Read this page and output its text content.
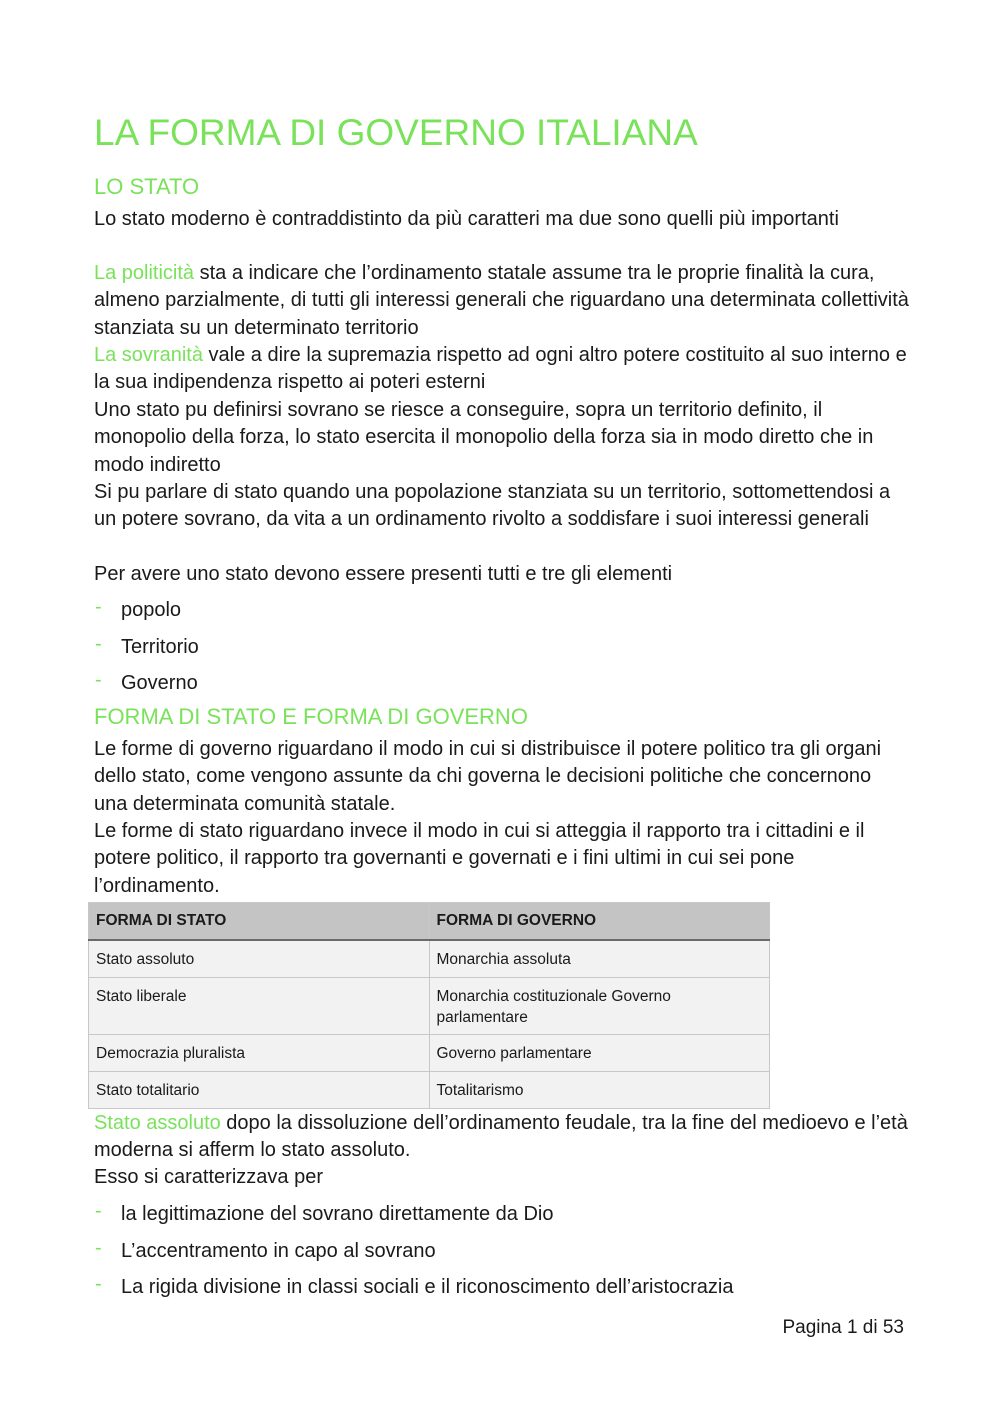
LA FORMA DI GOVERNO ITALIANA
LO STATO

Lo stato moderno è contraddistinto da più caratteri ma due sono quelli più importanti

La politicità sta a indicare che l’ordinamento statale assume tra le proprie finalità la cura, almeno parzialmente, di tutti gli interessi generali che riguardano una determinata collettività stanziata su un determinato territorio

La sovranità vale a dire la supremazia rispetto ad ogni altro potere costituito al suo interno e la sua indipendenza rispetto ai poteri esterni

Uno stato pu definirsi sovrano se riesce a conseguire, sopra un territorio definito, il monopolio della forza, lo stato esercita il monopolio della forza sia in modo diretto che in modo indiretto

Si pu parlare di stato quando una popolazione stanziata su un territorio, sottomettendosi a un potere sovrano, da vita a un ordinamento rivolto a soddisfare i suoi interessi generali

Per avere uno stato devono essere presenti tutti e tre gli elementi

- popolo
- Territorio
- Governo
FORMA DI STATO E FORMA DI GOVERNO

Le forme di governo riguardano il modo in cui si distribuisce il potere politico tra gli organi dello stato, come vengono assunte da chi governa le decisioni politiche che concernono una determinata comunità statale.

Le forme di stato riguardano invece il modo in cui si atteggia il rapporto tra i cittadini e il potere politico, il rapporto tra governanti e governati e i fini ultimi in cui sei pone l’ordinamento.

FORMA DI STATO	FORMA DI GOVERNO
Stato assoluto	Monarchia assoluta
Stato liberale	Monarchia costituzionale Governo parlamentare
Democrazia pluralista	Governo parlamentare
Stato totalitario	Totalitarismo

Stato assoluto dopo la dissoluzione dell’ordinamento feudale, tra la fine del medioevo e l’età moderna si afferm lo stato assoluto.

Esso si caratterizzava per

- la legittimazione del sovrano direttamente da Dio
- L’accentramento in capo al sovrano
- La rigida divisione in classi sociali e il riconoscimento dell’aristocrazia
Pagina 1 di 53
